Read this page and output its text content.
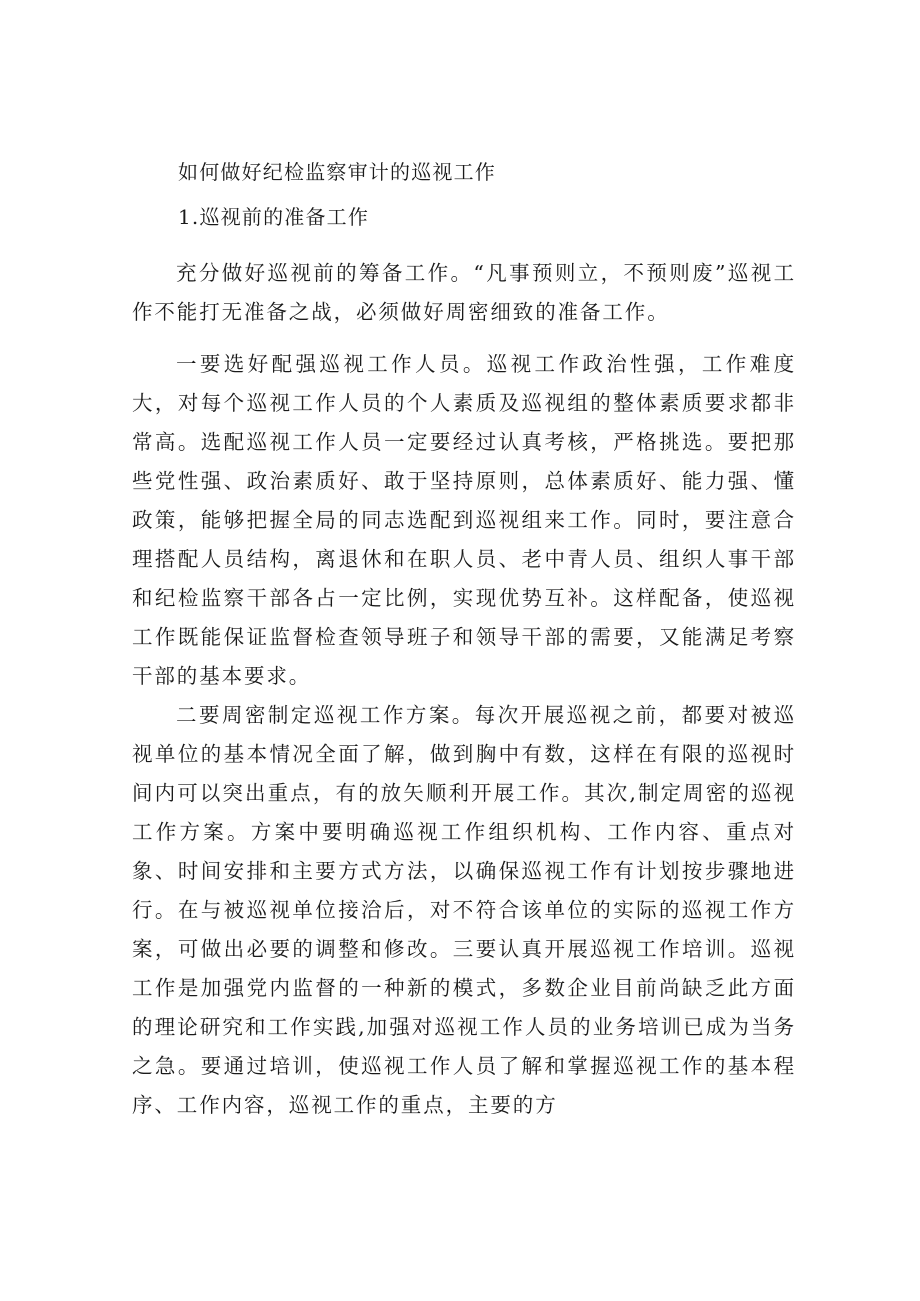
如何做好纪检监察审计的巡视工作
1.巡视前的准备工作

充分做好巡视前的筹备工作。“凡事预则立，不预则废”巡视工作不能打无准备之战，必须做好周密细致的准备工作。

一要选好配强巡视工作人员。巡视工作政治性强，工作难度大，对每个巡视工作人员的个人素质及巡视组的整体素质要求都非常高。选配巡视工作人员一定要经过认真考核，严格挑选。要把那些党性强、政治素质好、敢于坚持原则，总体素质好、能力强、懂政策，能够把握全局的同志选配到巡视组来工作。同时，要注意合理搭配人员结构，离退休和在职人员、老中青人员、组织人事干部和纪检监察干部各占一定比例，实现优势互补。这样配备，使巡视工作既能保证监督检查领导班子和领导干部的需要，又能满足考察干部的基本要求。

二要周密制定巡视工作方案。每次开展巡视之前，都要对被巡视单位的基本情况全面了解，做到胸中有数，这样在有限的巡视时间内可以突出重点，有的放矢顺利开展工作。其次,制定周密的巡视工作方案。方案中要明确巡视工作组织机构、工作内容、重点对象、时间安排和主要方式方法，以确保巡视工作有计划按步骤地进行。在与被巡视单位接洽后，对不符合该单位的实际的巡视工作方案，可做出必要的调整和修改。三要认真开展巡视工作培训。巡视工作是加强党内监督的一种新的模式，多数企业目前尚缺乏此方面的理论研究和工作实践,加强对巡视工作人员的业务培训已成为当务之急。要通过培训，使巡视工作人员了解和掌握巡视工作的基本程序、工作内容，巡视工作的重点，主要的方
